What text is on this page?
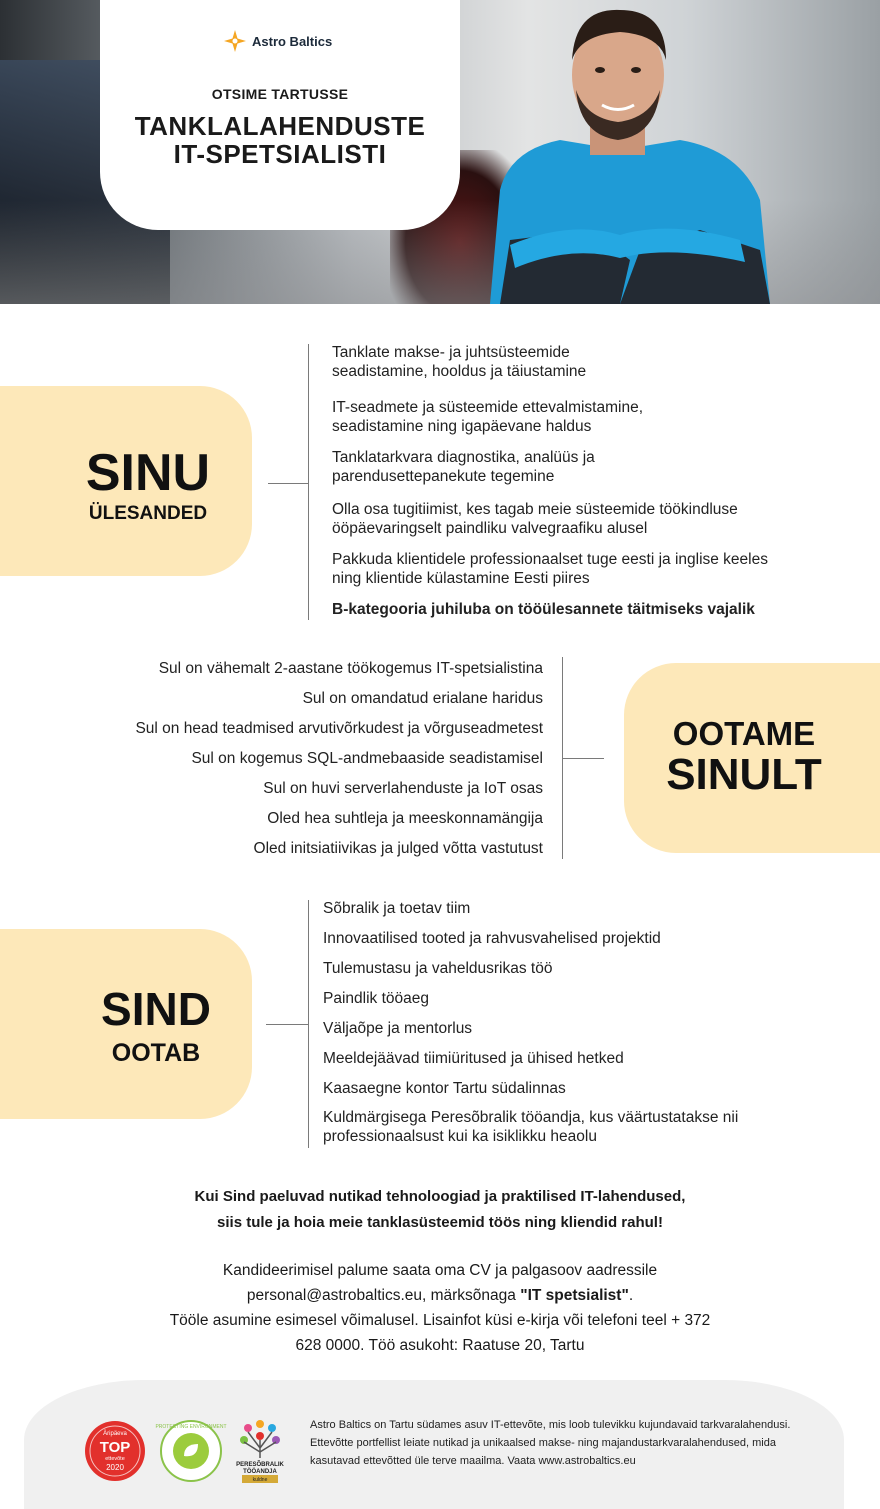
Astro Baltics
OTSIME TARTUSSE
TANKLALAHENDUSTE
IT-SPETSIALISTI
SINU
ÜLESANDED
Tanklate makse- ja juhtsüsteemide
seadistamine, hooldus ja täiustamine
IT-seadmete ja süsteemide ettevalmistamine,
seadistamine ning igapäevane haldus
Tanklatarkvara diagnostika, analüüs ja
parendusettepanekute tegemine
Olla osa tugitiimist, kes tagab meie süsteemide töökindluse
ööpäevaringselt paindliku valvegraafiku alusel
Pakkuda klientidele professionaalset tuge eesti ja inglise keeles
ning klientide külastamine Eesti piires
B-kategooria juhiluba on tööülesannete täitmiseks vajalik
OOTAME
SINULT
Sul on vähemalt 2-aastane töökogemus IT-spetsialistina
Sul on omandatud erialane haridus
Sul on head teadmised arvutivõrkudest ja võrguseadmetest
Sul on kogemus SQL-andmebaaside seadistamisel
Sul on huvi serverlahenduste ja IoT osas
Oled hea suhtleja ja meeskonnamängija
Oled initsiatiivikas ja julged võtta vastutust
SIND
OOTAB
Sõbralik ja toetav tiim
Innovaatilised tooted ja rahvusvahelised projektid
Tulemustasu ja vaheldusrikas töö
Paindlik tööaeg
Väljaõpe ja mentorlus
Meeldejäävad tiimiüritused ja ühised hetked
Kaasaegne kontor Tartu südalinnas
Kuldmärgisega Peresõbralik tööandja, kus väärtustatakse nii
professionaalsust kui ka isiklikku heaolu
Kui Sind paeluvad nutikad tehnoloogiad ja praktilised IT-lahendused,
siis tule ja hoia meie tanklasüsteemid töös ning kliendid rahul!
Kandideerimisel palume saata oma CV ja palgasoov aadressile
personal@astrobaltics.eu, märksõnaga "IT spetsialist".
Tööle asumine esimesel võimalusel. Lisainfot küsi e-kirja või telefoni teel + 372
628 0000. Töö asukoht: Raatuse 20, Tartu
Äripäeva
TOP
ettevõte
2020
PROTECTING ENVIRONMENT
PERESÕBRALIK
TÖÖANDJA
kuldne
Astro Baltics on Tartu südames asuv IT-ettevõte, mis loob tulevikku kujundavaid tarkvaralahendusi. Ettevõtte portfellist leiate nutikad ja unikaalsed makse- ning majandustarkvaralahendused, mida kasutavad ettevõtted üle terve maailma. Vaata www.astrobaltics.eu
